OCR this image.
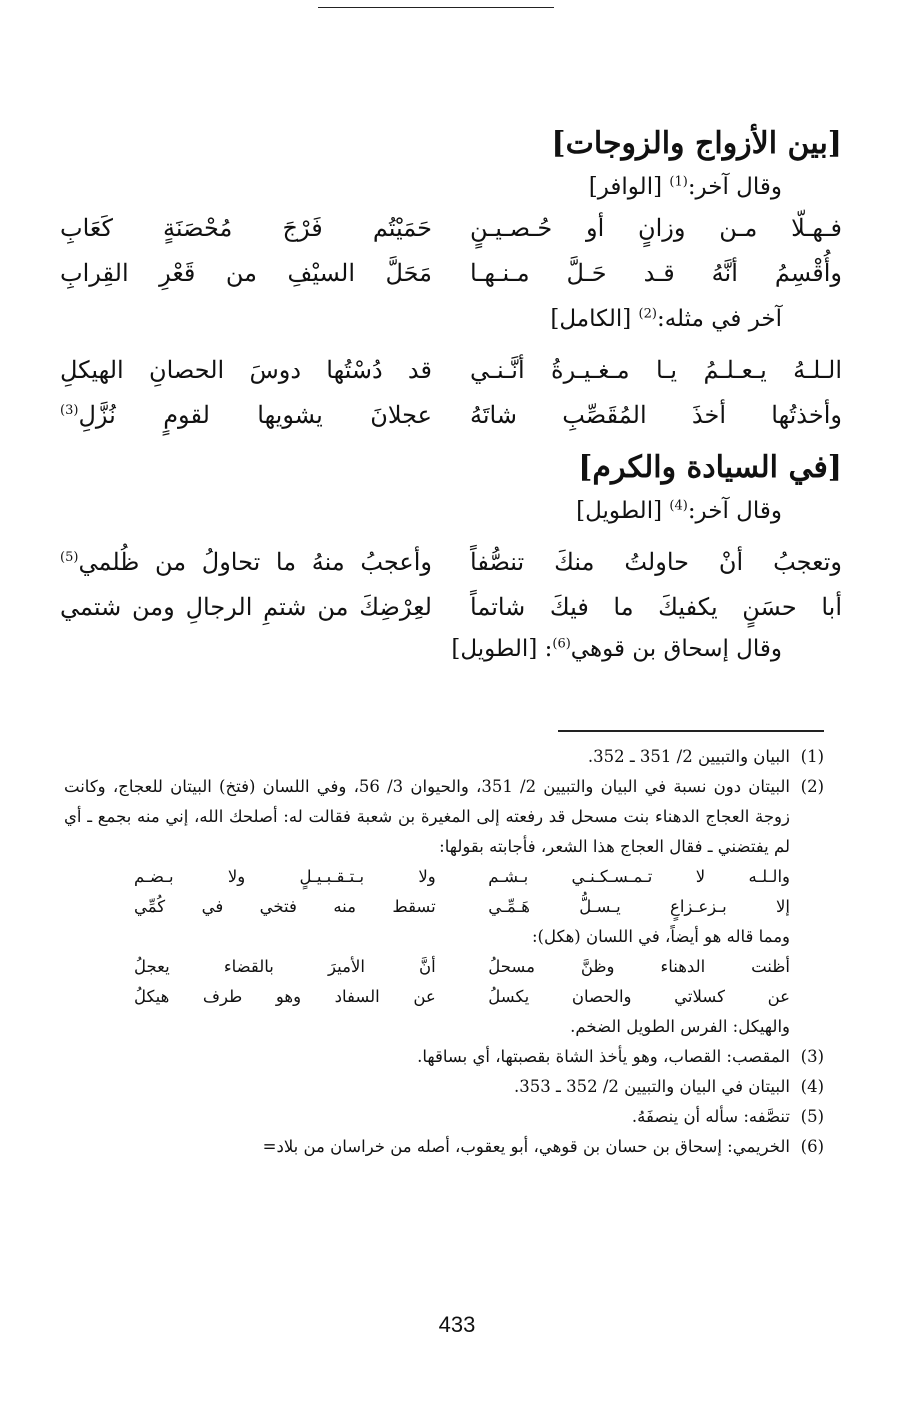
[بين الأزواج والزوجات]
وقال آخر:$^{(1)}$ [الوافر]
فـهـلّا مـن وزانٍ أو حُـصـيـنٍ
حَمَيْتُم فَرْجَ مُحْصَنَةٍ كَعَابِ
وأُقْسِمُ أنَّهُ قـد حَـلَّ مـنـهـا
مَحَلَّ السيْفِ من قَعْرِ القِرابِ
آخر في مثله:$^{(2)}$ [الكامل]
الـلـهُ يـعـلـمُ يـا مـغـيـرةُ أنَّـنـي
قد دُسْتُها دوسَ الحصانِ الهيكلِ
وأخذتُها أخذَ المُقَصِّبِ شاتَهُ
عجلانَ يشويها لقومٍ نُزَّلِ$^{(3)}$
[في السيادة والكرم]
وقال آخر:$^{(4)}$ [الطويل]
وتعجبُ أنْ حاولتُ منكَ تنصُّفاً
وأعجبُ منهُ ما تحاولُ من ظُلمي$^{(5)}$
أبا حسَنٍ يكفيكَ ما فيكَ شاتماً
لعِرْضِكَ من شتمِ الرجالِ ومن شتمي
وقال إسحاق بن قوهي$^{(6)}$: [الطويل]
(1)
البيان والتبيين 2/ 351 ـ 352.
(2)
البيتان دون نسبة في البيان والتبيين 2/ 351، والحيوان 3/ 56، وفي اللسان (فتخ) البيتان للعجاج، وكانت زوجة العجاج الدهناء بنت مسحل قد رفعته إلى المغيرة بن شعبة فقالت له: أصلحك الله، إني منه بجمع ـ أي لم يفتضني ـ فقال العجاج هذا الشعر، فأجابته بقولها:
والـلـه لا تـمـسـكـنـي بـشـم
ولا بـتـقـبـيـلٍ ولا بـضـم
إلا بـزعـزاعٍ يـسـلُّ هَـمِّـي
تسقط منه فتخي في كُمِّي
ومما قاله هو أيضاً، في اللسان (هكل):
أظنت الدهناء وظنَّ مسحلُ
أنَّ الأميرَ بالقضاء يعجلُ
عن كسلاتي والحصان يكسلُ
عن السفاد وهو طرف هيكلُ
والهيكل: الفرس الطويل الضخم.
(3)
المقصب: القصاب، وهو يأخذ الشاة بقصبتها، أي بساقها.
(4)
البيتان في البيان والتبيين 2/ 352 ـ 353.
(5)
تنصَّفه: سأله أن ينصفَهُ.
(6)
الخريمي: إسحاق بن حسان بن قوهي، أبو يعقوب، أصله من خراسان من بلاد=
433
